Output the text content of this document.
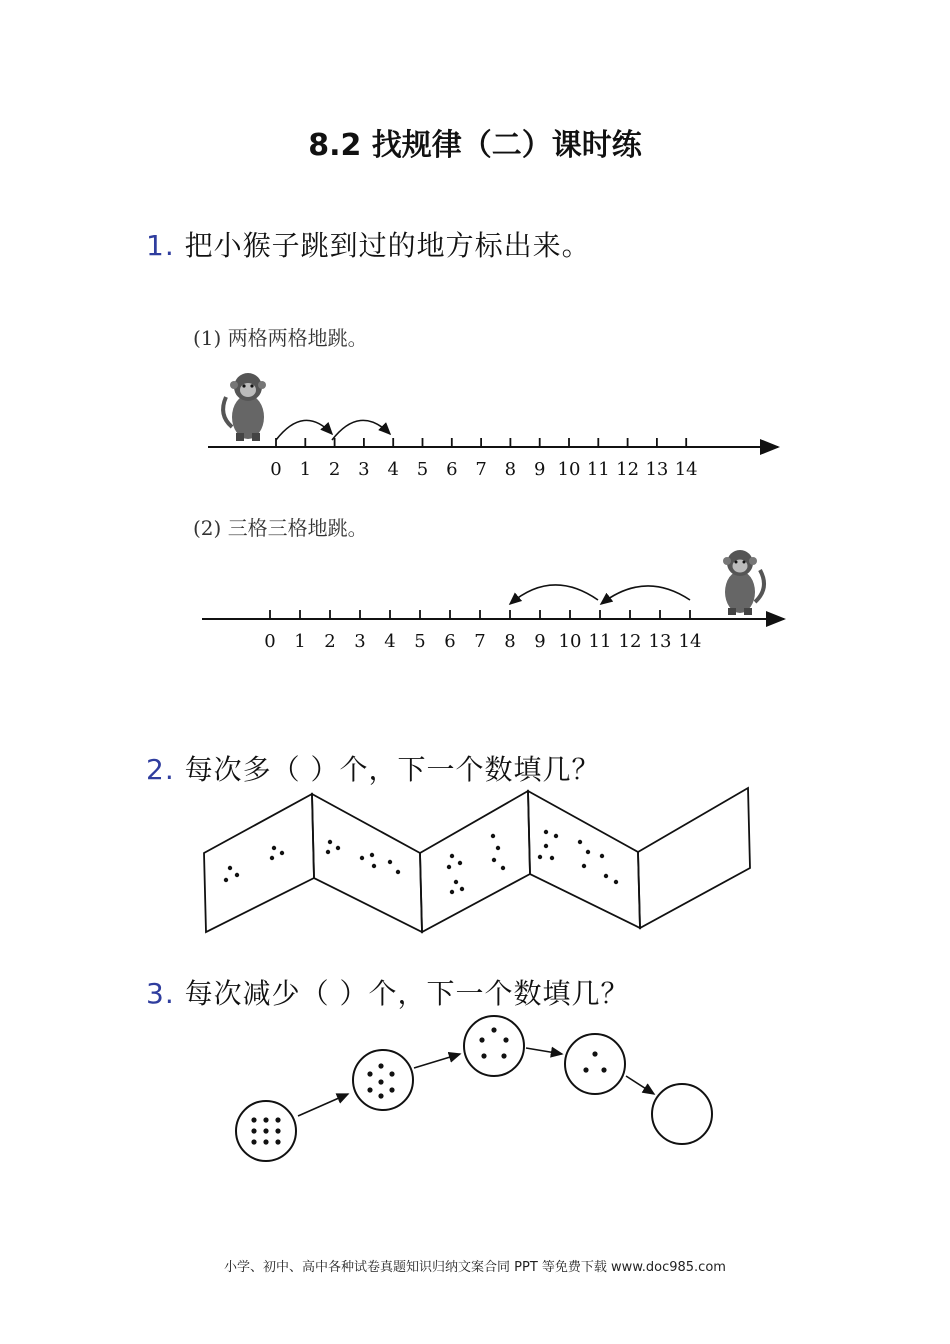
8.2 找规律（二）课时练
1. 把小猴子跳到过的地方标出来。
(1) 两格两格地跳。
(2) 三格三格地跳。
0 1 2 3 4 5 6 7 8 9 10 11 12 13 14
0 1 2 3 4 5 6 7 8 9 10 11 12 13 14
2. 每次多（ ）个，下一个数填几？
3. 每次减少（ ）个，下一个数填几？
小学、初中、高中各种试卷真题知识归纳文案合同 PPT 等免费下载 www.doc985.com
